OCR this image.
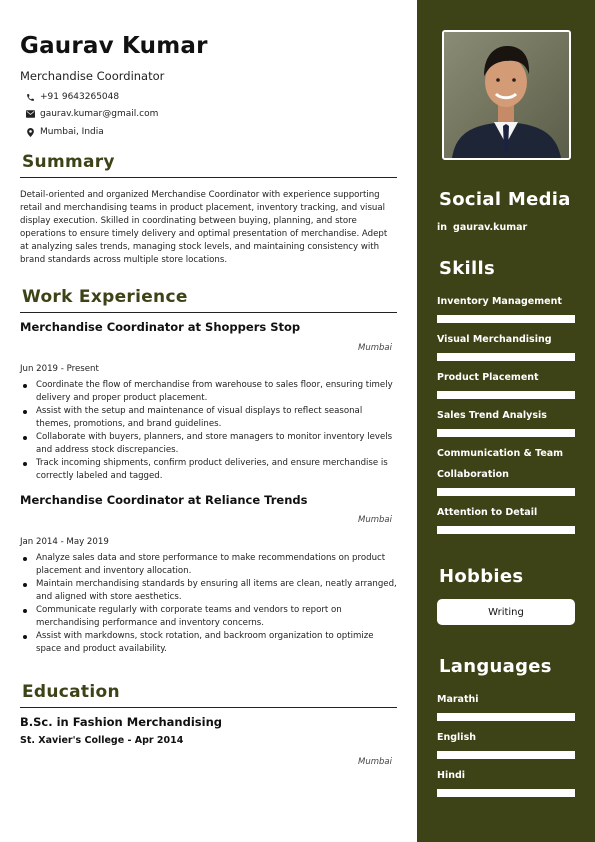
Gaurav Kumar
Merchandise Coordinator
+91 9643265048
gaurav.kumar@gmail.com
Mumbai, India
Summary
Detail-oriented and organized Merchandise Coordinator with experience supporting retail and merchandising teams in product placement, inventory tracking, and visual display execution. Skilled in coordinating between buying, planning, and store operations to ensure timely delivery and optimal presentation of merchandise. Adept at analyzing sales trends, managing stock levels, and maintaining consistency with brand standards across multiple store locations.
Work Experience
Merchandise Coordinator at Shoppers Stop
Mumbai
Jun 2019 - Present
Coordinate the flow of merchandise from warehouse to sales floor, ensuring timely delivery and proper product placement.
Assist with the setup and maintenance of visual displays to reflect seasonal themes, promotions, and brand guidelines.
Collaborate with buyers, planners, and store managers to monitor inventory levels and address stock discrepancies.
Track incoming shipments, confirm product deliveries, and ensure merchandise is correctly labeled and tagged.
Merchandise Coordinator at Reliance Trends
Mumbai
Jan 2014 - May 2019
Analyze sales data and store performance to make recommendations on product placement and inventory allocation.
Maintain merchandising standards by ensuring all items are clean, neatly arranged, and aligned with store aesthetics.
Communicate regularly with corporate teams and vendors to report on merchandising performance and inventory concerns.
Assist with markdowns, stock rotation, and backroom organization to optimize space and product availability.
Education
B.Sc. in Fashion Merchandising
St. Xavier's College - Apr 2014
Mumbai
Social Media
in gaurav.kumar
Skills
Inventory Management
Visual Merchandising
Product Placement
Sales Trend Analysis
Communication & Team Collaboration
Attention to Detail
Hobbies
Writing
Languages
Marathi
English
Hindi
